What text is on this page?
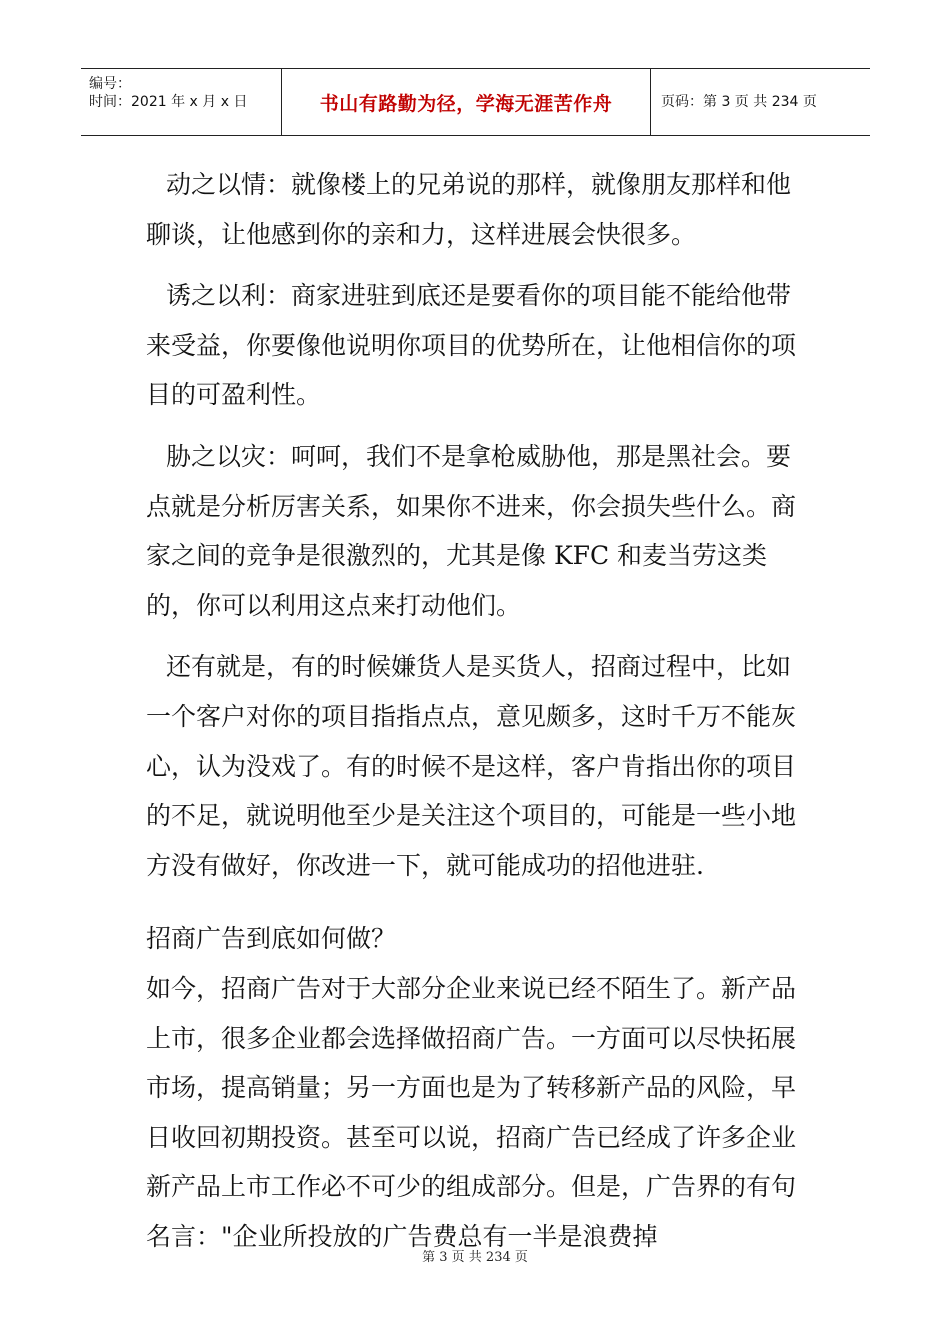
编号：
时间：2021 年 x 月 x 日	书山有路勤为径，学海无涯苦作舟	页码：第 3 页 共 234 页

动之以情：就像楼上的兄弟说的那样，就像朋友那样和他聊谈，让他感到你的亲和力，这样进展会快很多。

诱之以利：商家进驻到底还是要看你的项目能不能给他带来受益，你要像他说明你项目的优势所在，让他相信你的项目的可盈利性。

胁之以灾：呵呵，我们不是拿枪威胁他，那是黑社会。要点就是分析厉害关系，如果你不进来，你会损失些什么。商家之间的竞争是很激烈的，尤其是像 KFC 和麦当劳这类的，你可以利用这点来打动他们。

还有就是，有的时候嫌货人是买货人，招商过程中，比如一个客户对你的项目指指点点，意见颇多，这时千万不能灰心，认为没戏了。有的时候不是这样，客户肯指出你的项目的不足，就说明他至少是关注这个项目的，可能是一些小地方没有做好，你改进一下，就可能成功的招他进驻.

招商广告到底如何做？

如今，招商广告对于大部分企业来说已经不陌生了。新产品上市，很多企业都会选择做招商广告。一方面可以尽快拓展市场，提高销量；另一方面也是为了转移新产品的风险，早日收回初期投资。甚至可以说，招商广告已经成了许多企业新产品上市工作必不可少的组成部分。但是，广告界的有句名言："企业所投放的广告费总有一半是浪费掉

第 3 页 共 234 页
